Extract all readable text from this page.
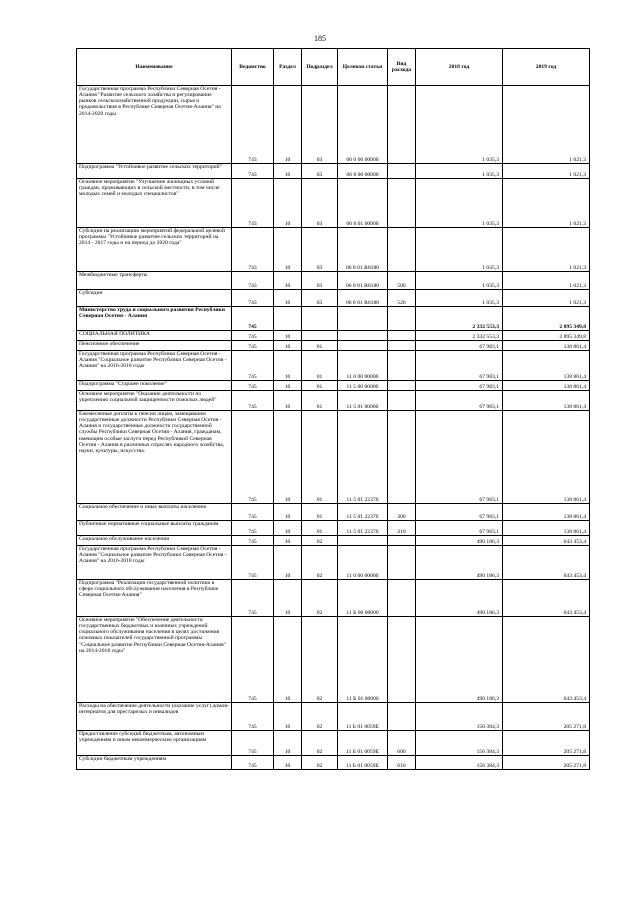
185
Наименование	Ведомство	Раздел	Подраздел	Целевая статья	Вид расхода	2018 год	2019 год
Государственная программа Республики Северная Осетия - Алания "Развитие сельского хозяйства и регулирование рынков сельскохозяйственной продукции, сырья и продовольствия в Республике Северная Осетия-Алания" на 2014-2020 годы	743	10	03	06 0 00 00000		1 035,3	1 021,3
Подпрограмма "Устойчивое развитие сельских территорий"	743	10	03	06 8 00 00000		1 035,3	1 021,3
Основное мероприятие "Улучшение жилищных условий граждан, проживающих в сельской местности, в том числе молодых семей и молодых специалистов"	743	10	03	06 8 01 00000		1 035,3	1 021,3
Субсидии на реализацию мероприятий федеральной целевой программы "Устойчивое развитие сельских территорий на 2014 - 2017 годы и на период до 2020 года"	743	10	03	06 8 01 R0180		1 035,3	1 021,3
Межбюджетные трансферты	743	10	03	06 8 01 R0180	500	1 035,3	1 021,3
Субсидии	743	10	03	06 8 01 R0180	520	1 035,3	1 021,3
Министерство труда и социального развития Республики Северная Осетия - Алания	745					2 332 553,3	2 895 349,8
СОЦИАЛЬНАЯ ПОЛИТИКА	745	10				2 332 553,3	2 895 349,8
Пенсионное обеспечение	745	10	01			67 983,1	138 861,4
Государственная программа Республики Северная Осетия - Алания "Социальное развитие Республики Северная Осетия - Алания" на 2016-2018 годы	745	10	01	11 0 00 00000		67 983,1	138 861,4
Подпрограмма "Старшее поколение"	745	10	01	11 5 00 00000		67 983,1	138 861,4
Основное мероприятие "Оказание деятельности по укреплению социальной защищенности пожилых людей"	745	10	01	11 5 01 00000		67 983,1	138 861,4
Ежемесячные доплаты к пенсии лицам, замещавшим государственные должности Республики Северная Осетия - Алания и государственные должности государственной службы Республики Северная Осетия - Алания, гражданам, имеющим особые заслуги перед Республикой Северная Осетия - Алания в различных отраслях народного хозяйства, науки, культуры, искусства.	745	10	01	11 5 01 22370		67 983,1	138 861,4
Социальное обеспечение и иные выплаты населению	745	10	01	11 5 01 22370	300	67 983,1	138 861,4
Публичные нормативные социальные выплаты гражданам	745	10	01	11 5 01 22370	310	67 983,1	138 861,4
Социальное обслуживание населения	745	10	02			490 186,3	643 453,4
Государственная программа Республики Северная Осетия - Алания "Социальное развитие Республики Северная Осетия - Алания" на 2016-2018 годы	745	10	02	11 0 00 00000		490 186,3	643 453,4
Подпрограмма "Реализация государственной политики в сфере социального обслуживания населения в Республике Северная Осетия-Алания"	745	10	02	11 Б 00 00000		490 186,3	643 453,4
Основное мероприятие "Обеспечение деятельности государственных бюджетных и казенных учреждений социального обслуживания населения в целях достижения основных показателей государственной программы "Социальное развитие Республики Северная Осетия-Алания" на 2014-2018 годы"	745	10	02	11 Б 01 00000		490 186,3	643 453,4
Расходы на обеспечение деятельности (оказание услуг) домов-интернатов для престарелых и инвалидов	745	10	02	11 Б 01 0059Е		156 384,3	205 271,8
Предоставление субсидий бюджетным, автономным учреждениям и иным некоммерческим организациям	745	10	02	11 Б 01 0059Е	600	156 384,3	205 271,8
Субсидии бюджетным учреждениям	745	10	02	11 Б 01 0059Е	610	156 384,3	205 271,8
